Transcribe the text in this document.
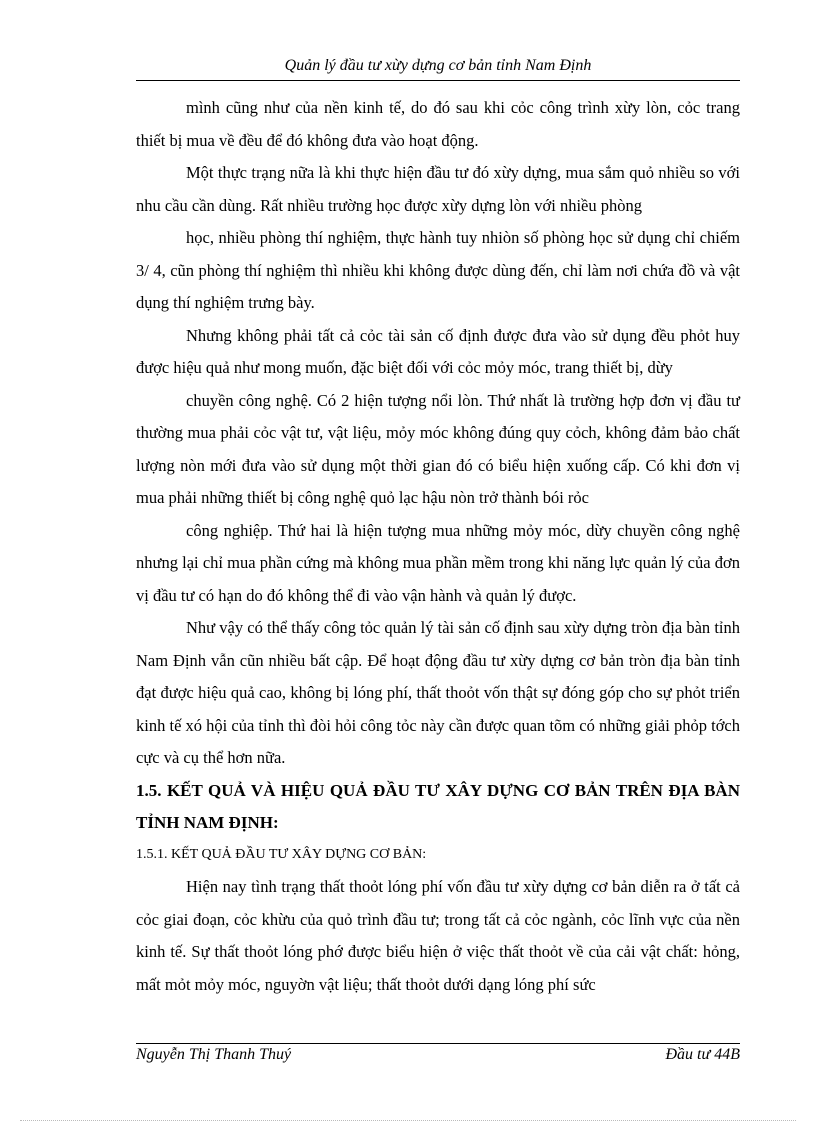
Quản lý đầu tư xừy dựng cơ bản tỉnh Nam Định

mình cũng như của nền kinh tế, do đó sau khi cỏc công trình xừy lòn, cỏc trang thiết bị mua về đều để đó không đưa vào hoạt động.

Một thực trạng nữa là khi thực hiện đầu tư đó xừy dựng, mua sắm quỏ nhiều so với nhu cầu cần dùng. Rất nhiều trường học được xừy dựng lòn với nhiều phòng

học, nhiều phòng thí nghiệm, thực hành tuy nhiòn số phòng học sử dụng chỉ chiếm 3/ 4, cũn phòng thí nghiệm thì nhiều khi không được dùng đến, chỉ làm nơi chứa đồ và vật dụng thí nghiệm trưng bày.

Nhưng không phải tất cả cỏc tài sản cố định được đưa vào sử dụng đều phỏt huy được hiệu quả như mong muốn, đặc biệt đối với cỏc mỏy móc, trang thiết bị, dừy

chuyền công nghệ. Có 2 hiện tượng nổi lòn. Thứ nhất là trường hợp đơn vị đầu tư thường mua phải cỏc vật tư, vật liệu, mỏy móc không đúng quy cỏch, không đảm bảo chất lượng nòn mới đưa vào sử dụng một thời gian đó có biểu hiện xuống cấp. Có khi đơn vị mua phải những thiết bị công nghệ quỏ lạc hậu nòn trở thành bói rỏc

công nghiệp. Thứ hai là hiện tượng mua những mỏy móc, dừy chuyền công nghệ nhưng lại chỉ mua phần cứng mà không mua phần mềm trong khi năng lực quản lý của đơn vị đầu tư có hạn do đó không thể đi vào vận hành và quản lý được.

Như vậy có thể thấy công tỏc quản lý tài sản cố định sau xừy dựng tròn địa bàn tỉnh Nam Định vẫn cũn nhiều bất cập. Để hoạt động đầu tư xừy dựng cơ bản tròn địa bàn tỉnh đạt được hiệu quả cao, không bị lóng phí, thất thoỏt vốn thật sự đóng góp cho sự phỏt triển kinh tế xó hội của tỉnh thì đòi hỏi công tỏc này cần được quan tõm có những giải phỏp tớch cực và cụ thể hơn nữa.

1.5. KẾT QUẢ VÀ HIỆU QUẢ ĐẦU TƯ XÂY DỰNG CƠ BẢN TRÊN ĐỊA BÀN TỈNH NAM ĐỊNH:

1.5.1. KẾT QUẢ ĐẦU TƯ XÂY DỰNG CƠ BẢN:

Hiện nay tình trạng thất thoỏt lóng phí vốn đầu tư xừy dựng cơ bản diễn ra ở tất cả cỏc giai đoạn, cỏc khừu của quỏ trình đầu tư; trong tất cả cỏc ngành, cỏc lĩnh vực của nền kinh tế. Sự thất thoỏt lóng phớ được biểu hiện ở việc thất thoỏt về của cải vật chất: hỏng, mất mỏt mỏy móc, nguyờn vật liệu; thất thoỏt dưới dạng lóng phí sức

Nguyễn Thị Thanh Thuý	Đầu tư 44B
